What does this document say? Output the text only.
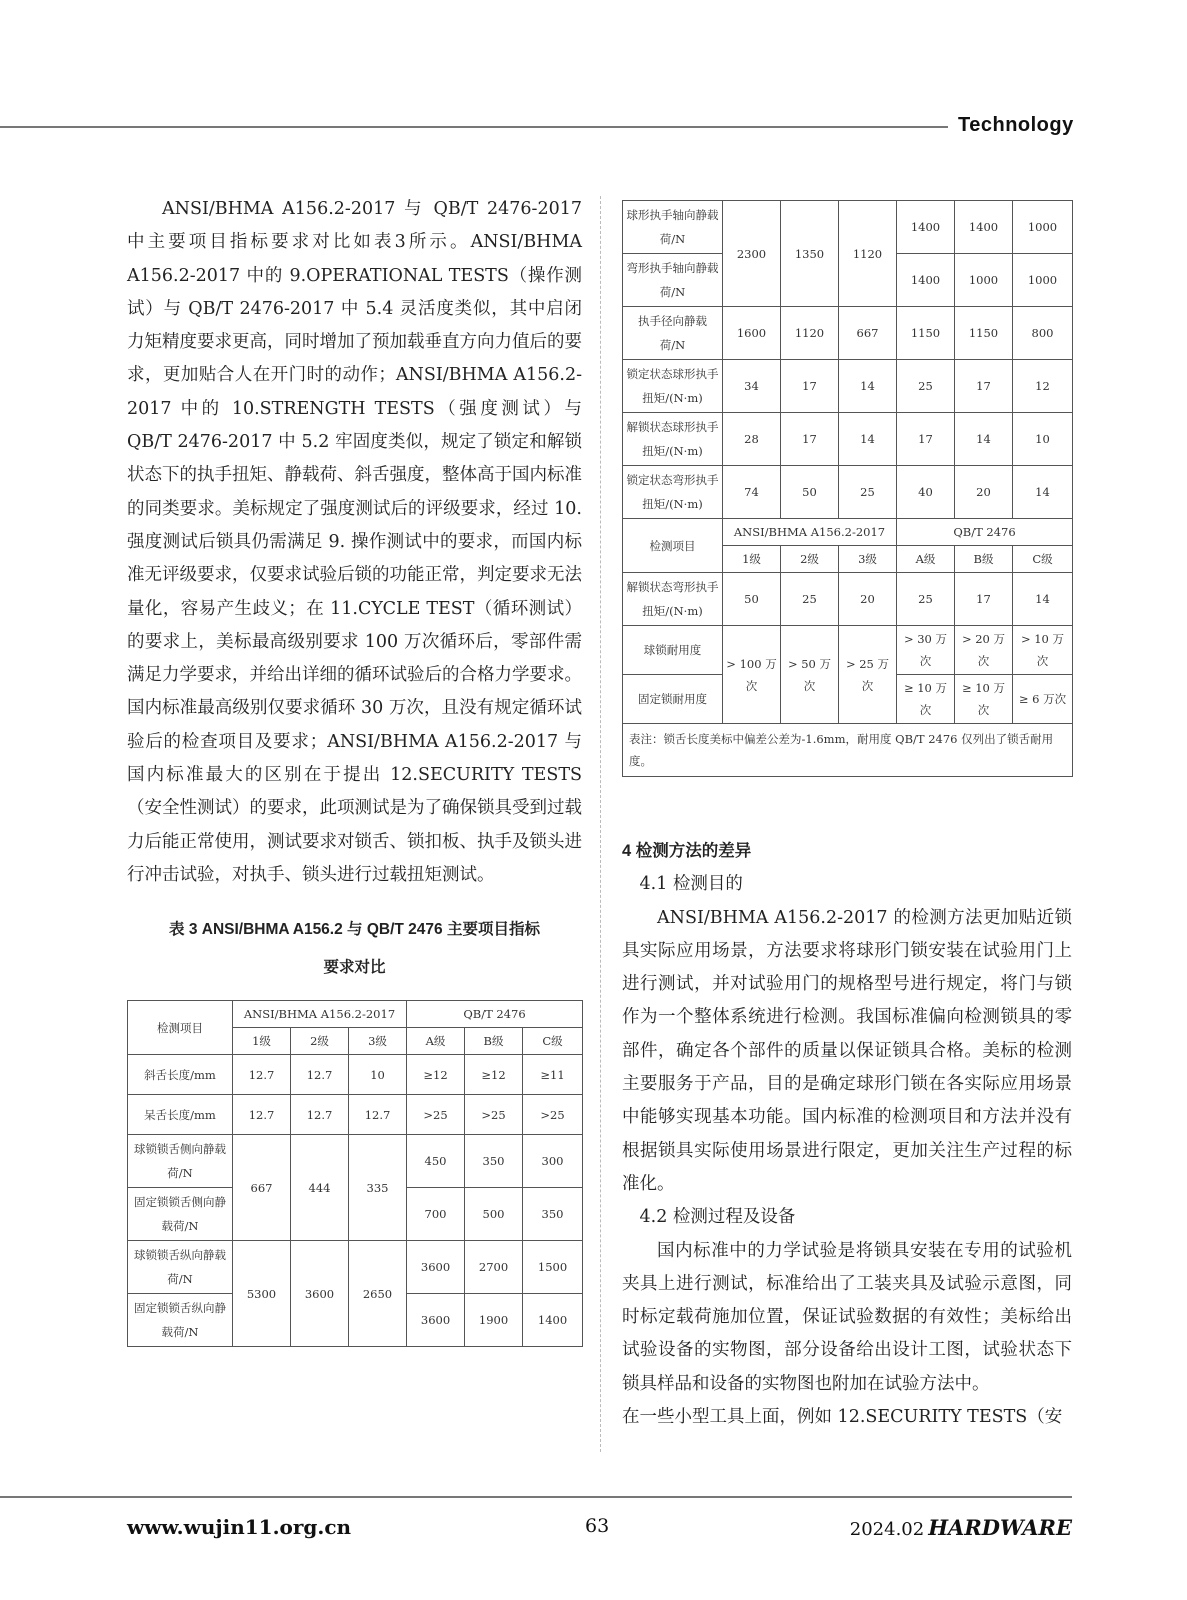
Technology

ANSI/BHMA A156.2-2017 与 QB/T 2476-2017 中主要项目指标要求对比如表3所示。ANSI/BHMA A156.2-2017 中的 9.OPERATIONAL TESTS（操作测试）与 QB/T 2476-2017 中 5.4 灵活度类似，其中启闭力矩精度要求更高，同时增加了预加载垂直方向力值后的要求，更加贴合人在开门时的动作；ANSI/BHMA A156.2-2017 中的 10.STRENGTH TESTS（强度测试）与 QB/T 2476-2017 中 5.2 牢固度类似，规定了锁定和解锁状态下的执手扭矩、静载荷、斜舌强度，整体高于国内标准的同类要求。美标规定了强度测试后的评级要求，经过 10. 强度测试后锁具仍需满足 9. 操作测试中的要求，而国内标准无评级要求，仅要求试验后锁的功能正常，判定要求无法量化，容易产生歧义；在 11.CYCLE TEST（循环测试）的要求上，美标最高级别要求 100 万次循环后，零部件需满足力学要求，并给出详细的循环试验后的合格力学要求。国内标准最高级别仅要求循环 30 万次，且没有规定循环试验后的检查项目及要求；ANSI/BHMA A156.2-2017 与国内标准最大的区别在于提出 12.SECURITY TESTS（安全性测试）的要求，此项测试是为了确保锁具受到过载力后能正常使用，测试要求对锁舌、锁扣板、执手及锁头进行冲击试验，对执手、锁头进行过载扭矩测试。

表 3 ANSI/BHMA A156.2 与 QB/T 2476 主要项目指标
要求对比
检测项目	ANSI/BHMA A156.2-2017			QB/T 2476		
	1级	2级	3级	A级	B级	C级
斜舌长度/mm	12.7	12.7	10	≥12	≥12	≥11
呆舌长度/mm	12.7	12.7	12.7	>25	>25	>25
球锁锁舌侧向静载荷/N	667	444	335	450	350	300
固定锁锁舌侧向静载荷/N				700	500	350
球锁锁舌纵向静载荷/N	5300	3600	2650	3600	2700	1500
固定锁锁舌纵向静载荷/N				3600	1900	1400
球形执手轴向静载荷/N	2300	1350	1120	1400	1400	1000
弯形执手轴向静载荷/N				1400	1000	1000
执手径向静载荷/N	1600	1120	667	1150	1150	800
锁定状态球形执手扭矩/(N·m)	34	17	14	25	17	12
解锁状态球形执手扭矩/(N·m)	28	17	14	17	14	10
锁定状态弯形执手扭矩/(N·m)	74	50	25	40	20	14
检测项目	ANSI/BHMA A156.2-2017			QB/T 2476		
	1级	2级	3级	A级	B级	C级
解锁状态弯形执手扭矩/(N·m)	50	25	20	25	17	14
球锁耐用度	> 100 万次	> 50 万次	> 25 万次	> 30 万次	> 20 万次	> 10 万次
固定锁耐用度				≥ 10 万次	≥ 10 万次	≥ 6 万次
表注：锁舌长度美标中偏差公差为-1.6mm，耐用度 QB/T 2476 仅列出了锁舌耐用度。						

4 检测方法的差异

4.1 检测目的

ANSI/BHMA A156.2-2017 的检测方法更加贴近锁具实际应用场景，方法要求将球形门锁安装在试验用门上进行测试，并对试验用门的规格型号进行规定，将门与锁作为一个整体系统进行检测。我国标准偏向检测锁具的零部件，确定各个部件的质量以保证锁具合格。美标的检测主要服务于产品，目的是确定球形门锁在各实际应用场景中能够实现基本功能。国内标准的检测项目和方法并没有根据锁具实际使用场景进行限定，更加关注生产过程的标准化。

4.2 检测过程及设备

国内标准中的力学试验是将锁具安装在专用的试验机夹具上进行测试，标准给出了工装夹具及试验示意图，同时标定载荷施加位置，保证试验数据的有效性；美标给出试验设备的实物图，部分设备给出设计工图，试验状态下锁具样品和设备的实物图也附加在试验方法中。

在一些小型工具上面，例如 12.SECURITY TESTS（安

www.wujin11.org.cn	63	2024.02 HARDWARE
